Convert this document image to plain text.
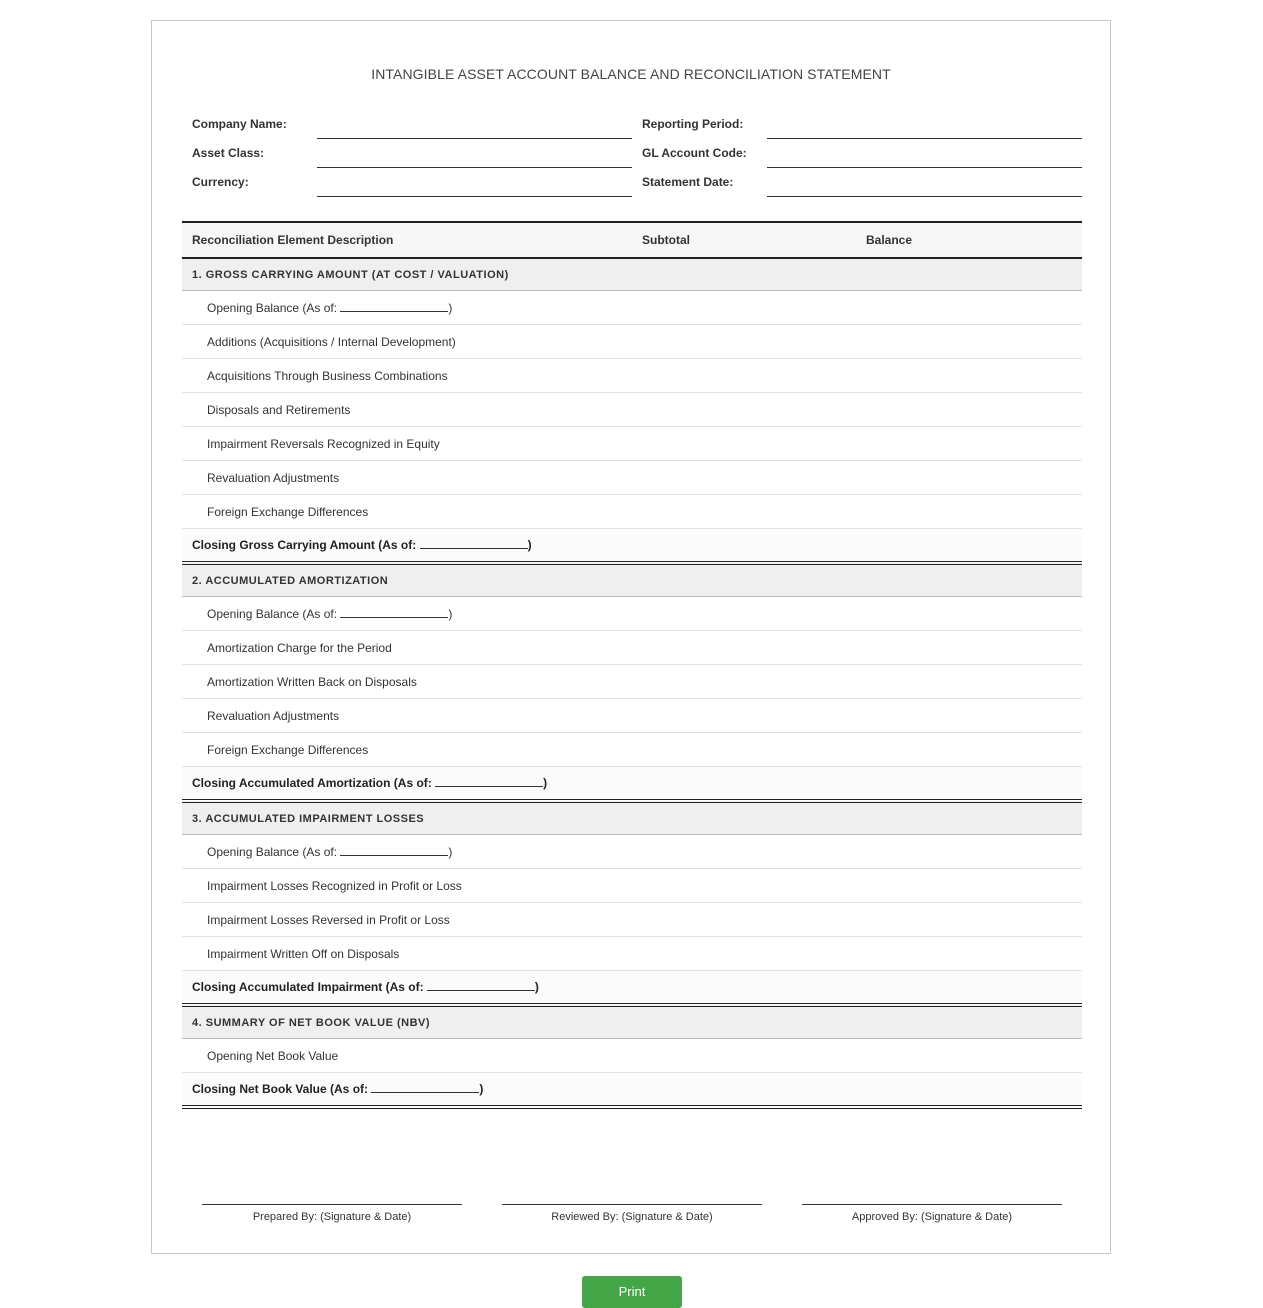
INTANGIBLE ASSET ACCOUNT BALANCE AND RECONCILIATION STATEMENT
Company Name:	Reporting Period:
Asset Class:	GL Account Code:
Currency:	Statement Date:
Reconciliation Element Description	Subtotal	Balance
1. GROSS CARRYING AMOUNT (AT COST / VALUATION)		
Opening Balance (As of: )		
Additions (Acquisitions / Internal Development)		
Acquisitions Through Business Combinations		
Disposals and Retirements		
Impairment Reversals Recognized in Equity		
Revaluation Adjustments		
Foreign Exchange Differences		
Closing Gross Carrying Amount (As of: )		
2. ACCUMULATED AMORTIZATION		
Opening Balance (As of: )		
Amortization Charge for the Period		
Amortization Written Back on Disposals		
Revaluation Adjustments		
Foreign Exchange Differences		
Closing Accumulated Amortization (As of: )		
3. ACCUMULATED IMPAIRMENT LOSSES		
Opening Balance (As of: )		
Impairment Losses Recognized in Profit or Loss		
Impairment Losses Reversed in Profit or Loss		
Impairment Written Off on Disposals		
Closing Accumulated Impairment (As of: )		
4. SUMMARY OF NET BOOK VALUE (NBV)		
Opening Net Book Value		
Closing Net Book Value (As of: )		
Prepared By: (Signature & Date)	Reviewed By: (Signature & Date)	Approved By: (Signature & Date)
Print
